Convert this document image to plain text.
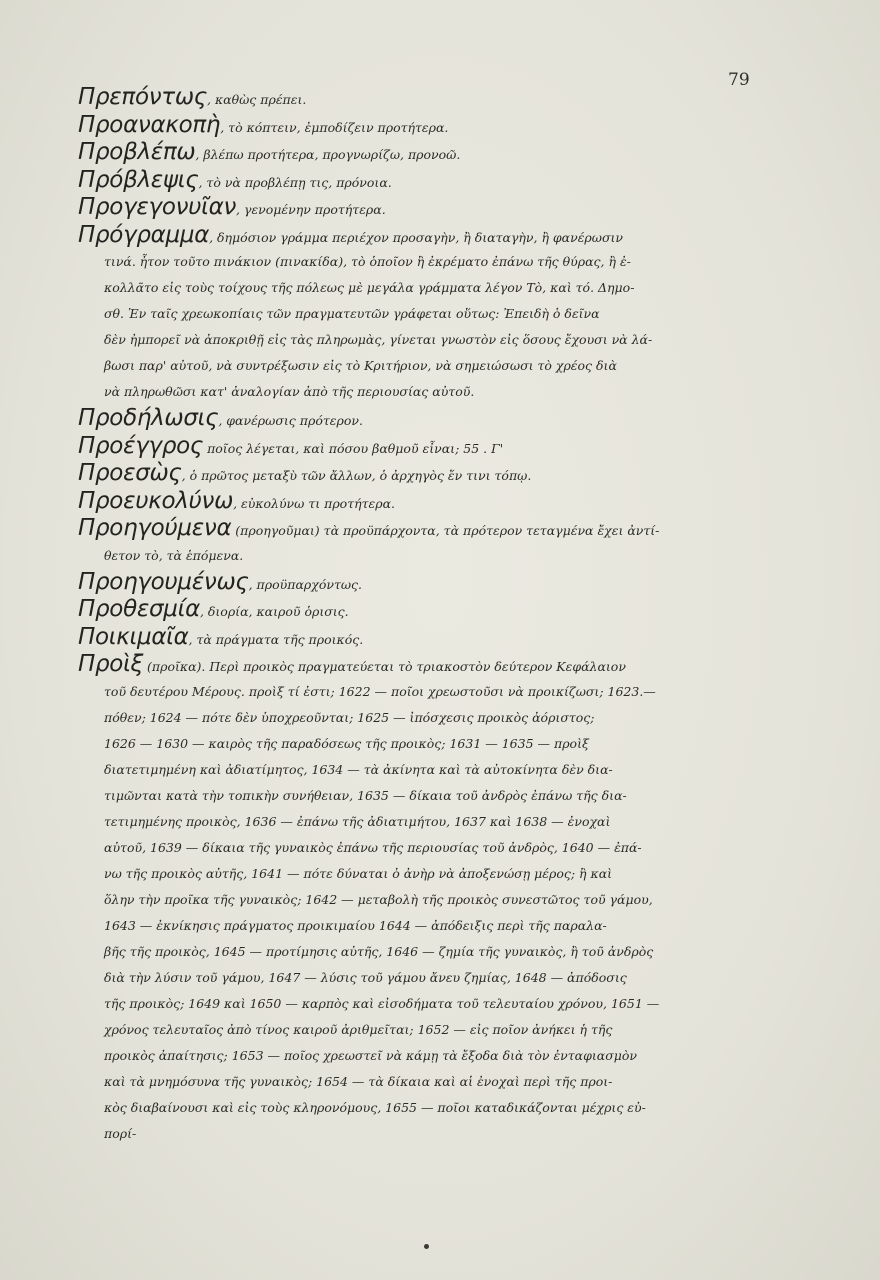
79
Πρεπόντως, καθὼς πρέπει.
Προανακοπὴ, τὸ κόπτειν, ἐμποδίζειν προτήτερα.
Προβλέπω, βλέπω προτήτερα, προγνωρίζω, προνοῶ.
Πρόβλεψις, τὸ νὰ προβλέπῃ τις, πρόνοια.
Προγεγονυῖαν, γενομένην προτήτερα.
Πρόγραμμα, δημόσιον γράμμα περιέχον προσαγὴν, ἢ διαταγὴν, ἢ φανέρωσιν
τινά. ἦτον τοῦτο πινάκιον (πινακίδα), τὸ ὁποῖον ἢ ἐκρέματο ἐπάνω τῆς θύρας, ἢ ἐ-
κολλᾶτο εἰς τοὺς τοίχους τῆς πόλεως μὲ μεγάλα γράμματα λέγον Τὸ, καὶ τό. Δημο-
σθ. Ἐν ταῖς χρεωκοπίαις τῶν πραγματευτῶν γράφεται οὕτως: Ἐπειδὴ ὁ δεῖνα
δὲν ἠμπορεῖ νὰ ἀποκριθῇ εἰς τὰς πληρωμὰς, γίνεται γνωστὸν εἰς ὅσους ἔχουσι νὰ λά-
βωσι παρ' αὐτοῦ, νὰ συντρέξωσιν εἰς τὸ Κριτήριον, νὰ σημειώσωσι τὸ χρέος διὰ
νὰ πληρωθῶσι κατ' ἀναλογίαν ἀπὸ τῆς περιουσίας αὐτοῦ.
Προδήλωσις, φανέρωσις πρότερον.
Προέγγρος ποῖος λέγεται, καὶ πόσου βαθμοῦ εἶναι; 55 . Γ'
Προεσὼς, ὁ πρῶτος μεταξὺ τῶν ἄλλων, ὁ ἀρχηγὸς ἔν τινι τόπῳ.
Προευκολύνω, εὐκολύνω τι προτήτερα.
Προηγούμενα (προηγοῦμαι) τὰ προϋπάρχοντα, τὰ πρότερον τεταγμένα ἔχει ἀντί-
θετον τὸ, τὰ ἑπόμενα.
Προηγουμένως, προϋπαρχόντως.
Προθεσμία, διορία, καιροῦ ὁρισις.
Ποικιμαῖα, τὰ πράγματα τῆς προικός.
Προὶξ (προῖκα). Περὶ προικὸς πραγματεύεται τὸ τριακοστὸν δεύτερον Κεφάλαιον
τοῦ δευτέρου Μέρους. προὶξ τί ἐστι; 1622 — ποῖοι χρεωστοῦσι νὰ προικίζωσι; 1623.—
πόθεν; 1624 — πότε δὲν ὑποχρεοῦνται; 1625 — ἰπόσχεσις προικὸς ἀόριστος;
1626 — 1630 — καιρὸς τῆς παραδόσεως τῆς προικὸς; 1631 — 1635 — προὶξ
διατετιμημένη καὶ ἀδιατίμητος, 1634 — τὰ ἀκίνητα καὶ τὰ αὐτοκίνητα δὲν δια-
τιμῶνται κατὰ τὴν τοπικὴν συνήθειαν, 1635 — δίκαια τοῦ ἀνδρὸς ἐπάνω τῆς δια-
τετιμημένης προικὸς, 1636 — ἐπάνω τῆς ἀδιατιμήτου, 1637 καὶ 1638 — ἐνοχαὶ
αὐτοῦ, 1639 — δίκαια τῆς γυναικὸς ἐπάνω τῆς περιουσίας τοῦ ἀνδρὸς, 1640 — ἐπά-
νω τῆς προικὸς αὐτῆς, 1641 — πότε δύναται ὁ ἀνὴρ νὰ ἀποξενώσῃ μέρος; ἢ καὶ
ὅλην τὴν προῖκα τῆς γυναικὸς; 1642 — μεταβολὴ τῆς προικὸς συνεστῶτος τοῦ γάμου,
1643 — ἐκνίκησις πράγματος προικιμαίου 1644 — ἀπόδειξις περὶ τῆς παραλα-
βῆς τῆς προικὸς, 1645 — προτίμησις αὐτῆς, 1646 — ζημία τῆς γυναικὸς, ἢ τοῦ ἀνδρὸς
διὰ τὴν λύσιν τοῦ γάμου, 1647 — λύσις τοῦ γάμου ἄνευ ζημίας, 1648 — ἀπόδοσις
τῆς προικὸς; 1649 καὶ 1650 — καρπὸς καὶ εἰσοδήματα τοῦ τελευταίου χρόνου, 1651 —
χρόνος τελευταῖος ἀπὸ τίνος καιροῦ ἀριθμεῖται; 1652 — εἰς ποῖον ἀνήκει ἡ τῆς
προικὸς ἀπαίτησις; 1653 — ποῖος χρεωστεῖ νὰ κάμῃ τὰ ἔξοδα διὰ τὸν ἐνταφιασμὸν
καὶ τὰ μνημόσυνα τῆς γυναικὸς; 1654 — τὰ δίκαια καὶ αἱ ἐνοχαὶ περὶ τῆς προι-
κὸς διαβαίνουσι καὶ εἰς τοὺς κληρονόμους, 1655 — ποῖοι καταδικάζονται μέχρις εὐ-
πορί-
